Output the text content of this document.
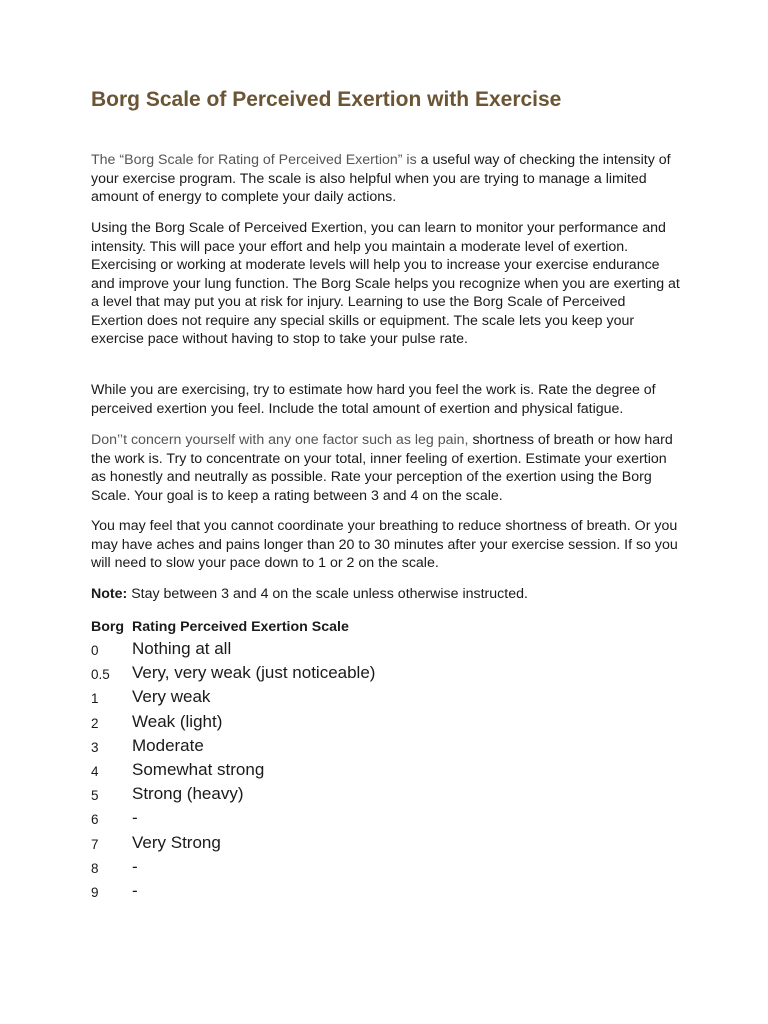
Borg Scale of Perceived Exertion with Exercise

The “Borg Scale for Rating of Perceived Exertion” is a useful way of checking the intensity of your exercise program. The scale is also helpful when you are trying to manage a limited amount of energy to complete your daily actions.

Using the Borg Scale of Perceived Exertion, you can learn to monitor your performance and intensity. This will pace your effort and help you maintain a moderate level of exertion. Exercising or working at moderate levels will help you to increase your exercise endurance and improve your lung function. The Borg Scale helps you recognize when you are exerting at a level that may put you at risk for injury. Learning to use the Borg Scale of Perceived Exertion does not require any special skills or equipment. The scale lets you keep your exercise pace without having to stop to take your pulse rate.

While you are exercising, try to estimate how hard you feel the work is. Rate the degree of perceived exertion you feel. Include the total amount of exertion and physical fatigue.

Don’’t concern yourself with any one factor such as leg pain, shortness of breath or how hard the work is. Try to concentrate on your total, inner feeling of exertion. Estimate your exertion as honestly and neutrally as possible. Rate your perception of the exertion using the Borg Scale. Your goal is to keep a rating between 3 and 4 on the scale.

You may feel that you cannot coordinate your breathing to reduce shortness of breath. Or you may have aches and pains longer than 20 to 30 minutes after your exercise session. If so you will need to slow your pace down to 1 or 2 on the scale.

Note: Stay between 3 and 4 on the scale unless otherwise instructed.

Borg Rating Perceived Exertion Scale
0 Nothing at all
0.5 Very, very weak (just noticeable)
1 Very weak
2 Weak (light)
3 Moderate
4 Somewhat strong
5 Strong (heavy)
6 -
7 Very Strong
8 -
9 -
